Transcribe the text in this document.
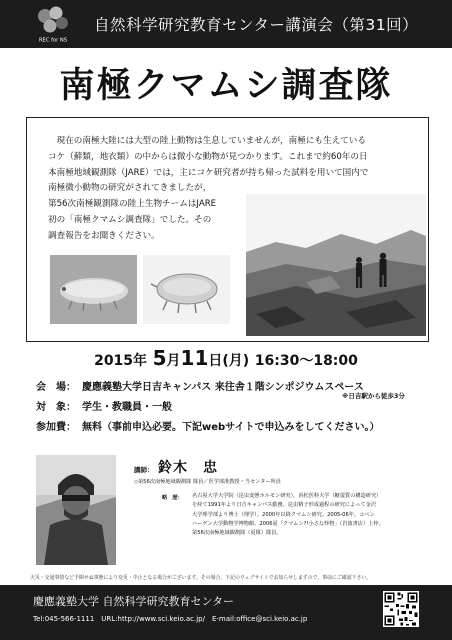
REC for NS
自然科学研究教育センター講演会（第31回）
南極クマムシ調査隊
　現在の南極大陸には大型の陸上動物は生息していませんが，南極にも生えている
コケ（蘚類，地衣類）の中からは微小な動物が見つかります。これまで約60年の日
本南極地域観測隊（JARE）では，主にコケ研究者が持ち帰った試料を用いて国内で
南極微小動物の研究がされてきましたが，
第56次南極観測隊の陸上生物チームはJARE
初の「南極クマムシ調査隊」でした。その
調査報告をお聞きください。
2015年 5月11日(月) 16:30～18:00
会　場： 慶應義塾大学日吉キャンパス 来往舎１階シンポジウムスペース
※日吉駅から徒歩3分
対　象： 学生・教職員・一般
参加費： 無料（事前申込必要。下記webサイトで申込みをしてください。）
講師： 鈴木　忠
◇第56次南極地域観測隊 隊員／医学部准教授・当センター所員
略　歴： 名古屋大学大学院（昆虫変態ホルモン研究），浜松医科大学（糖蛋質の構造研究）
を経て1991年より日吉キャンパス勤務。昆虫精子形成過程の研究によって金沢
大学理学部より博士（理学）。2000年以降クマムシ研究。2005-06年，コペン
ハーゲン大学動物学博物館。2006夏「クマムシ?!小さな怪物」（岩波書店）上梓。
第56次南極地域観測隊（夏隊）隊員。
天災・交通事情など予期せぬ事態により変更・中止となる場合がございます。その場合，下記のウェブサイトでお知らせしますので，事前にご確認下さい。
慶應義塾大学 自然科学研究教育センター
Tel:045-566-1111　URL:http://www.sci.keio.ac.jp/　E-mail:office@sci.keio.ac.jp
